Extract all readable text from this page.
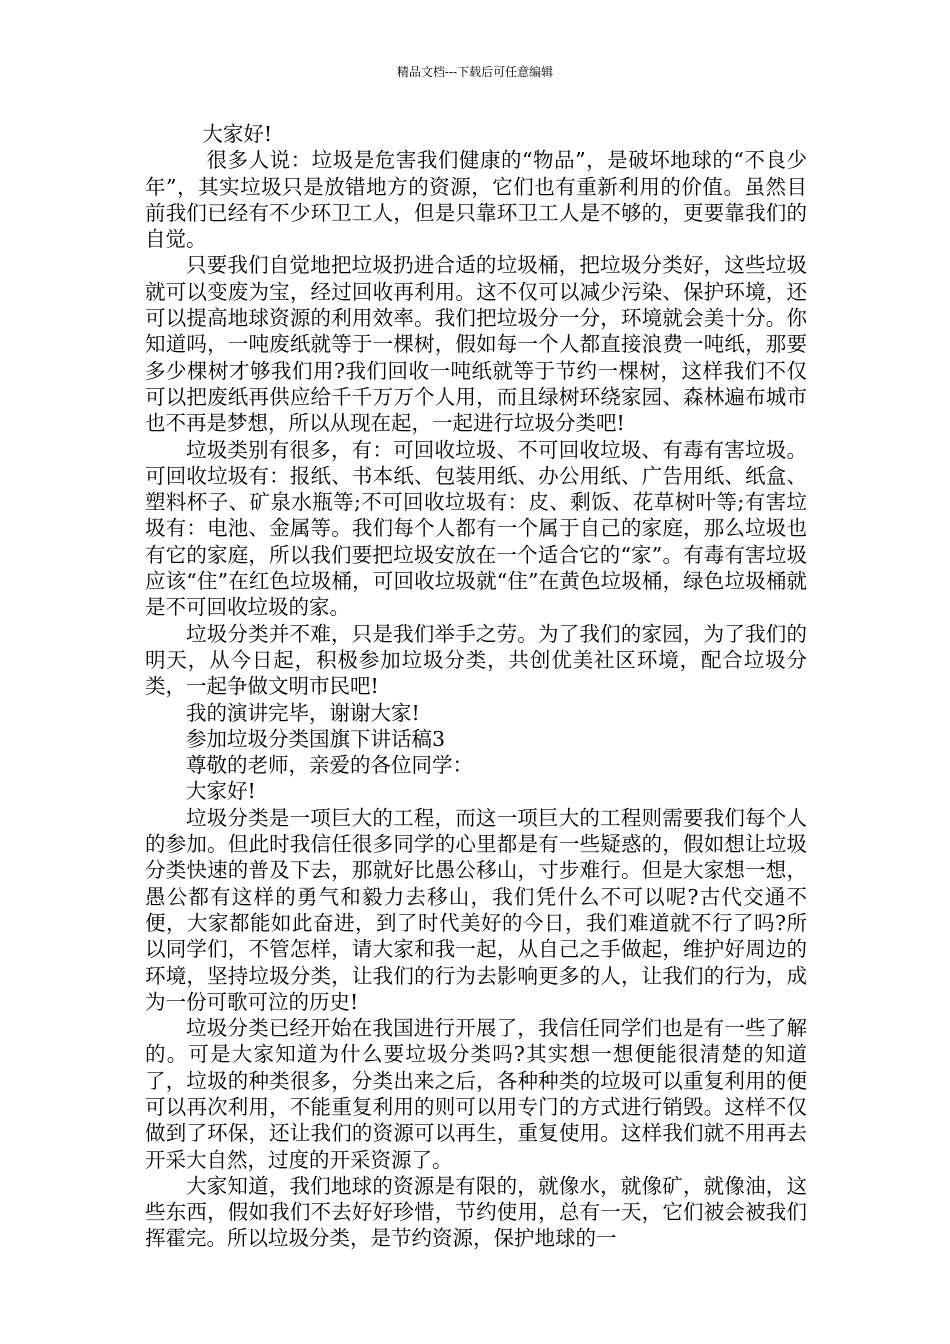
精品文档---下载后可任意编辑

大家好!

很多人说：垃圾是危害我们健康的“物品”，是破坏地球的“不良少年”，其实垃圾只是放错地方的资源，它们也有重新利用的价值。虽然目前我们已经有不少环卫工人，但是只靠环卫工人是不够的，更要靠我们的自觉。

只要我们自觉地把垃圾扔进合适的垃圾桶，把垃圾分类好，这些垃圾就可以变废为宝，经过回收再利用。这不仅可以减少污染、保护环境，还可以提高地球资源的利用效率。我们把垃圾分一分，环境就会美十分。你知道吗，一吨废纸就等于一棵树，假如每一个人都直接浪费一吨纸，那要多少棵树才够我们用?我们回收一吨纸就等于节约一棵树，这样我们不仅可以把废纸再供应给千千万万个人用，而且绿树环绕家园、森林遍布城市也不再是梦想，所以从现在起，一起进行垃圾分类吧!

垃圾类别有很多，有：可回收垃圾、不可回收垃圾、有毒有害垃圾。可回收垃圾有：报纸、书本纸、包装用纸、办公用纸、广告用纸、纸盒、塑料杯子、矿泉水瓶等;不可回收垃圾有：皮、剩饭、花草树叶等;有害垃圾有：电池、金属等。我们每个人都有一个属于自己的家庭，那么垃圾也有它的家庭，所以我们要把垃圾安放在一个适合它的“家”。有毒有害垃圾应该“住”在红色垃圾桶，可回收垃圾就“住”在黄色垃圾桶，绿色垃圾桶就是不可回收垃圾的家。

垃圾分类并不难，只是我们举手之劳。为了我们的家园，为了我们的明天，从今日起，积极参加垃圾分类，共创优美社区环境，配合垃圾分类，一起争做文明市民吧!

我的演讲完毕，谢谢大家!

参加垃圾分类国旗下讲话稿3

尊敬的老师，亲爱的各位同学：

大家好!

垃圾分类是一项巨大的工程，而这一项巨大的工程则需要我们每个人的参加。但此时我信任很多同学的心里都是有一些疑惑的，假如想让垃圾分类快速的普及下去，那就好比愚公移山，寸步难行。但是大家想一想，愚公都有这样的勇气和毅力去移山，我们凭什么不可以呢?古代交通不便，大家都能如此奋进，到了时代美好的今日，我们难道就不行了吗?所以同学们，不管怎样，请大家和我一起，从自己之手做起，维护好周边的环境，坚持垃圾分类，让我们的行为去影响更多的人，让我们的行为，成为一份可歌可泣的历史!

垃圾分类已经开始在我国进行开展了，我信任同学们也是有一些了解的。可是大家知道为什么要垃圾分类吗?其实想一想便能很清楚的知道了，垃圾的种类很多，分类出来之后，各种种类的垃圾可以重复利用的便可以再次利用，不能重复利用的则可以用专门的方式进行销毁。这样不仅做到了环保，还让我们的资源可以再生，重复使用。这样我们就不用再去开采大自然，过度的开采资源了。

大家知道，我们地球的资源是有限的，就像水，就像矿，就像油，这些东西，假如我们不去好好珍惜，节约使用，总有一天，它们被会被我们挥霍完。所以垃圾分类，是节约资源，保护地球的一
